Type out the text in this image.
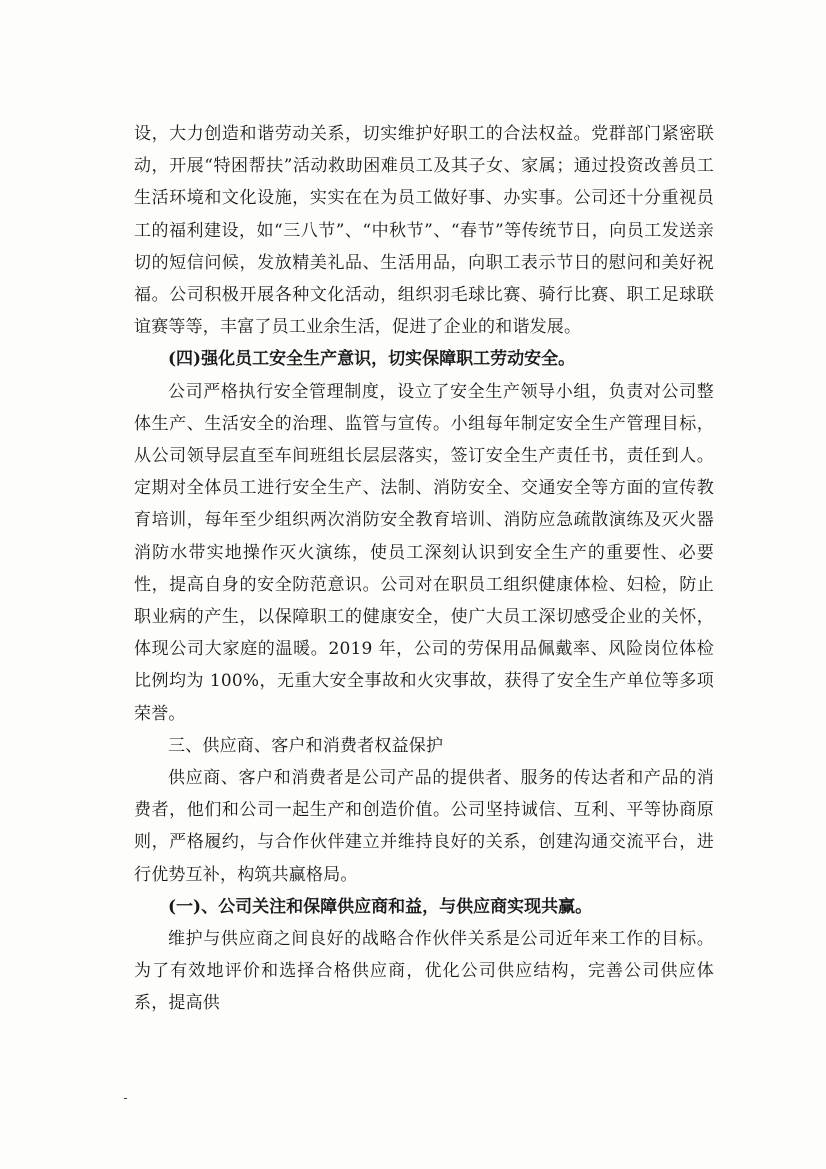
设，大力创造和谐劳动关系，切实维护好职工的合法权益。党群部门紧密联动，开展“特困帮扶”活动救助困难员工及其子女、家属；通过投资改善员工生活环境和文化设施，实实在在为员工做好事、办实事。公司还十分重视员工的福利建设，如“三八节”、“中秋节”、“春节”等传统节日，向员工发送亲切的短信问候，发放精美礼品、生活用品，向职工表示节日的慰问和美好祝福。公司积极开展各种文化活动，组织羽毛球比赛、骑行比赛、职工足球联谊赛等等，丰富了员工业余生活，促进了企业的和谐发展。

(四)强化员工安全生产意识，切实保障职工劳动安全。

公司严格执行安全管理制度，设立了安全生产领导小组，负责对公司整体生产、生活安全的治理、监管与宣传。小组每年制定安全生产管理目标，从公司领导层直至车间班组长层层落实，签订安全生产责任书，责任到人。定期对全体员工进行安全生产、法制、消防安全、交通安全等方面的宣传教育培训，每年至少组织两次消防安全教育培训、消防应急疏散演练及灭火器消防水带实地操作灭火演练，使员工深刻认识到安全生产的重要性、必要性，提高自身的安全防范意识。公司对在职员工组织健康体检、妇检，防止职业病的产生，以保障职工的健康安全，使广大员工深切感受企业的关怀，体现公司大家庭的温暖。2019 年，公司的劳保用品佩戴率、风险岗位体检比例均为 100%，无重大安全事故和火灾事故，获得了安全生产单位等多项荣誉。

三、供应商、客户和消费者权益保护

供应商、客户和消费者是公司产品的提供者、服务的传达者和产品的消费者，他们和公司一起生产和创造价值。公司坚持诚信、互利、平等协商原则，严格履约，与合作伙伴建立并维持良好的关系，创建沟通交流平台，进行优势互补，构筑共赢格局。

(一)、公司关注和保障供应商和益，与供应商实现共赢。

维护与供应商之间良好的战略合作伙伴关系是公司近年来工作的目标。为了有效地评价和选择合格供应商，优化公司供应结构，完善公司供应体系，提高供
